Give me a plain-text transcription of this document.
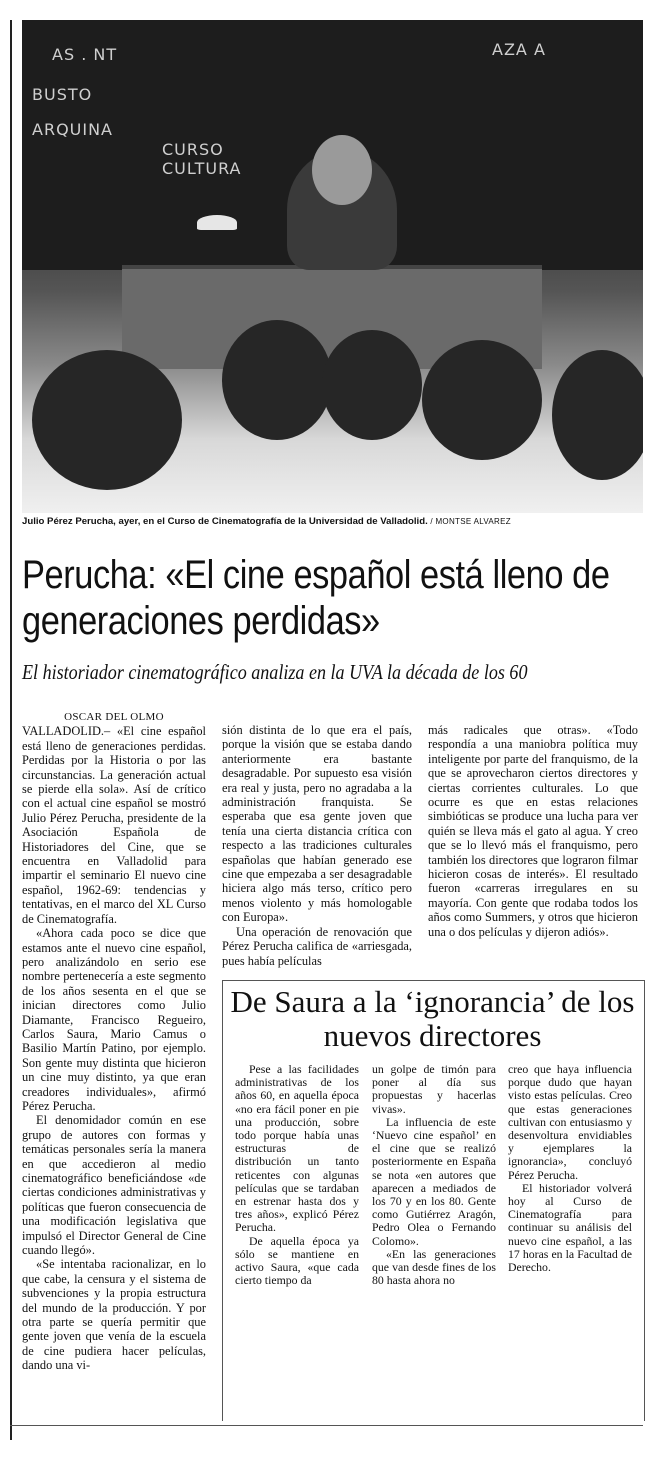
AS . NT
BUSTO
ARQUINA
CURSO CULTURA
AZA A
Julio Pérez Perucha, ayer, en el Curso de Cinematografía de la Universidad de Valladolid. / MONTSE ALVAREZ
Perucha: «El cine español está lleno de generaciones perdidas»
El historiador cinematográfico analiza en la UVA la década de los 60

OSCAR DEL OLMO

VALLADOLID.– «El cine español está lleno de generaciones perdidas. Perdidas por la Historia o por las circunstancias. La generación actual se pierde ella sola». Así de crítico con el actual cine español se mostró Julio Pérez Perucha, presidente de la Asociación Española de Historiadores del Cine, que se encuentra en Valladolid para impartir el seminario El nuevo cine español, 1962-69: tendencias y tentativas, en el marco del XL Curso de Cinematografía.

«Ahora cada poco se dice que estamos ante el nuevo cine español, pero analizándolo en serio ese nombre pertenecería a este segmento de los años sesenta en el que se inician directores como Julio Diamante, Francisco Regueiro, Carlos Saura, Mario Camus o Basilio Martín Patino, por ejemplo. Son gente muy distinta que hicieron un cine muy distinto, ya que eran creadores individuales», afirmó Pérez Perucha.

El denomidador común en ese grupo de autores con formas y temáticas personales sería la manera en que accedieron al medio cinematográfico beneficiándose «de ciertas condiciones administrativas y políticas que fueron consecuencia de una modificación legislativa que impulsó el Director General de Cine cuando llegó».

«Se intentaba racionalizar, en lo que cabe, la censura y el sistema de subvenciones y la propia estructura del mundo de la producción. Y por otra parte se quería permitir que gente joven que venía de la escuela de cine pudiera hacer películas, dando una vi-

sión distinta de lo que era el país, porque la visión que se estaba dando anteriormente era bastante desagradable. Por supuesto esa visión era real y justa, pero no agradaba a la administración franquista. Se esperaba que esa gente joven que tenía una cierta distancia crítica con respecto a las tradiciones culturales españolas que habían generado ese cine que empezaba a ser desagradable hiciera algo más terso, crítico pero menos violento y más homologable con Europa».

Una operación de renovación que Pérez Perucha califica de «arriesgada, pues había películas

más radicales que otras». «Todo respondía a una maniobra política muy inteligente por parte del franquismo, de la que se aprovecharon ciertos directores y ciertas corrientes culturales. Lo que ocurre es que en estas relaciones simbióticas se produce una lucha para ver quién se lleva más el gato al agua. Y creo que se lo llevó más el franquismo, pero también los directores que lograron filmar hicieron cosas de interés». El resultado fueron «carreras irregulares en su mayoría. Con gente que rodaba todos los años como Summers, y otros que hicieron una o dos películas y dijeron adiós».

De Saura a la ‘ignorancia’ de los nuevos directores

Pese a las facilidades administrativas de los años 60, en aquella época «no era fácil poner en pie una producción, sobre todo porque había unas estructuras de distribución un tanto reticentes con algunas películas que se tardaban en estrenar hasta dos y tres años», explicó Pérez Perucha.

De aquella época ya sólo se mantiene en activo Saura, «que cada cierto tiempo da

un golpe de timón para poner al día sus propuestas y hacerlas vivas».

La influencia de este ‘Nuevo cine español’ en el cine que se realizó posteriormente en España se nota «en autores que aparecen a mediados de los 70 y en los 80. Gente como Gutiérrez Aragón, Pedro Olea o Fernando Colomo».

«En las generaciones que van desde fines de los 80 hasta ahora no

creo que haya influencia porque dudo que hayan visto estas películas. Creo que estas generaciones cultivan con entusiasmo y desenvoltura envidiables y ejemplares la ignorancia», concluyó Pérez Perucha.

El historiador volverá hoy al Curso de Cinematografía para continuar su análisis del nuevo cine español, a las 17 horas en la Facultad de Derecho.
